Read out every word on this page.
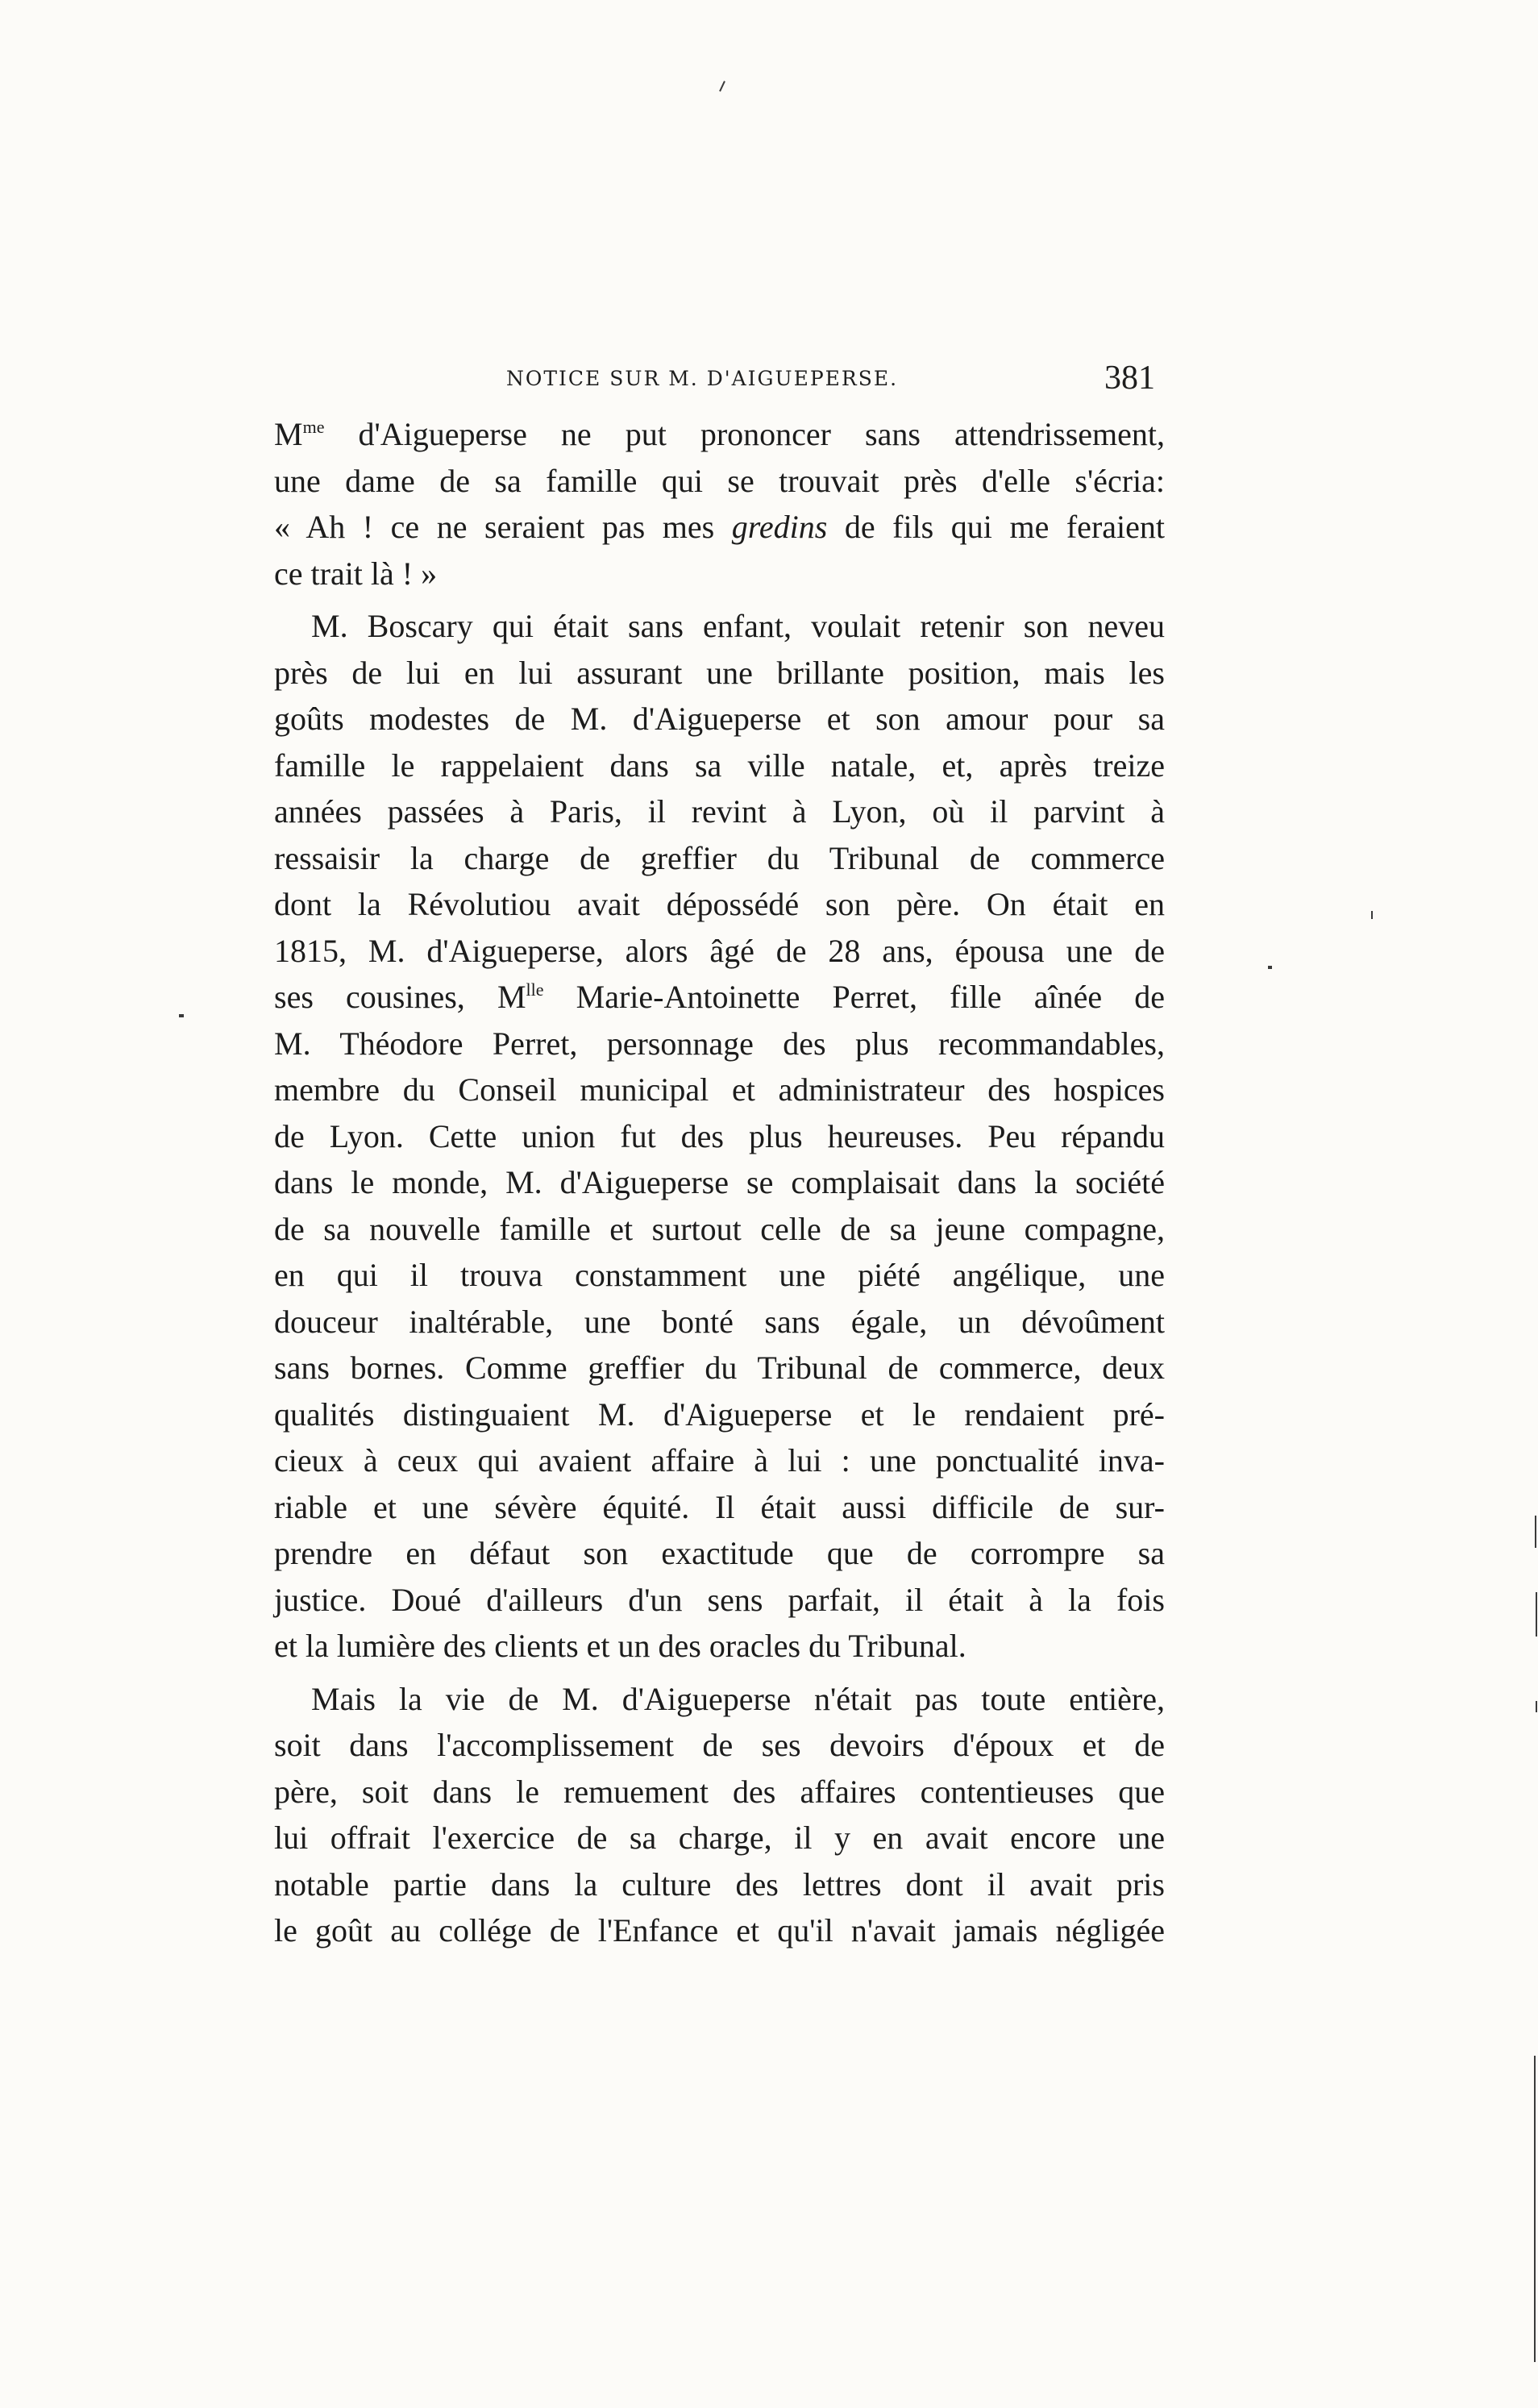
NOTICE SUR M. D'AIGUEPERSE.	381
$M^{me}$ d'Aigueperse ne put prononcer sans attendrissement,
une dame de sa famille qui se trouvait près d'elle s'écria:
« Ah ! ce ne seraient pas mes gredins de fils qui me feraient
ce trait là ! »
M. Boscary qui était sans enfant, voulait retenir son neveu
près de lui en lui assurant une brillante position, mais les
goûts modestes de M. d'Aigueperse et son amour pour sa
famille le rappelaient dans sa ville natale, et, après treize
années passées à Paris, il revint à Lyon, où il parvint à
ressaisir la charge de greffier du Tribunal de commerce
dont la Révolutiou avait dépossédé son père. On était en
1815, M. d'Aigueperse, alors âgé de 28 ans, épousa une de
ses cousines, $M^{lle}$ Marie-Antoinette Perret, fille aînée de
M. Théodore Perret, personnage des plus recommandables,
membre du Conseil municipal et administrateur des hospices
de Lyon. Cette union fut des plus heureuses. Peu répandu
dans le monde, M. d'Aigueperse se complaisait dans la société
de sa nouvelle famille et surtout celle de sa jeune compagne,
en qui il trouva constamment une piété angélique, une
douceur inaltérable, une bonté sans égale, un dévoûment
sans bornes. Comme greffier du Tribunal de commerce, deux
qualités distinguaient M. d'Aigueperse et le rendaient pré-
cieux à ceux qui avaient affaire à lui : une ponctualité inva-
riable et une sévère équité. Il était aussi difficile de sur-
prendre en défaut son exactitude que de corrompre sa
justice. Doué d'ailleurs d'un sens parfait, il était à la fois
et la lumière des clients et un des oracles du Tribunal.
Mais la vie de M. d'Aigueperse n'était pas toute entière,
soit dans l'accomplissement de ses devoirs d'époux et de
père, soit dans le remuement des affaires contentieuses que
lui offrait l'exercice de sa charge, il y en avait encore une
notable partie dans la culture des lettres dont il avait pris
le goût au collége de l'Enfance et qu'il n'avait jamais négligée
